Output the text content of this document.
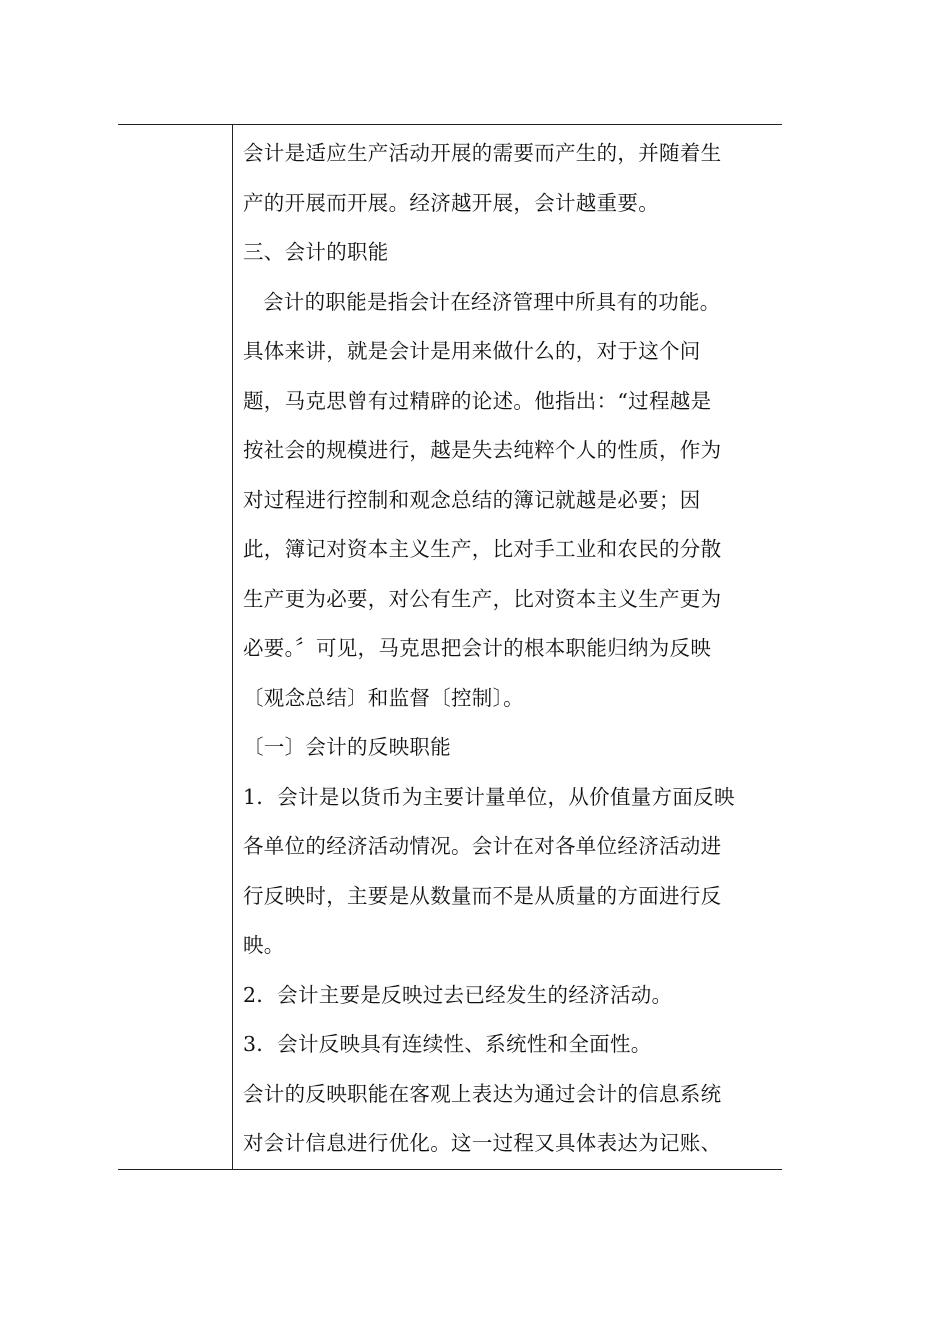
会计是适应生产活动开展的需要而产生的，并随着生
产的开展而开展。经济越开展，会计越重要。
三、会计的职能
会计的职能是指会计在经济管理中所具有的功能。
具体来讲，就是会计是用来做什么的，对于这个问
题，马克思曾有过精辟的论述。他指出：“过程越是
按社会的规模进行，越是失去纯粹个人的性质，作为
对过程进行控制和观念总结的簿记就越是必要；因
此，簿记对资本主义生产，比对手工业和农民的分散
生产更为必要，对公有生产，比对资本主义生产更为
必要。〞可见，马克思把会计的根本职能归纳为反映
〔观念总结〕和监督〔控制〕。
〔一〕会计的反映职能
1．会计是以货币为主要计量单位，从价值量方面反映
各单位的经济活动情况。会计在对各单位经济活动进
行反映时，主要是从数量而不是从质量的方面进行反
映。
2．会计主要是反映过去已经发生的经济活动。
3．会计反映具有连续性、系统性和全面性。
会计的反映职能在客观上表达为通过会计的信息系统
对会计信息进行优化。这一过程又具体表达为记账、
